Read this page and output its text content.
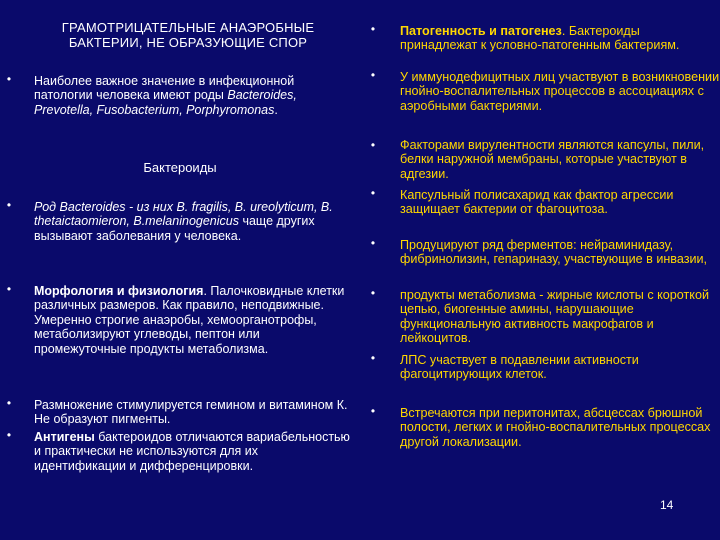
ГРАМОТРИЦАТЕЛЬНЫЕ АНАЭРОБНЫЕ
БАКТЕРИИ, НЕ ОБРАЗУЮЩИЕ СПОР
• Наиболее важное значение в инфекционной патологии человека имеют роды Bacteroides, Prevotella, Fusobacterium, Porphyromonas.
Бактероиды
• Род Bacteroides - из них B. fragilis, B. ureolyticum, B. thetaictaomieron, B.melaninogenicus чаще других вызывают заболевания у человека.
• Морфология и физиология. Палочковидные клетки различных размеров. Как правило, неподвижные. Умеренно строгие анаэробы, хемоорганотрофы, метаболизируют углеводы, пептон или промежуточные продукты метаболизма.
• Размножение стимулируется гемином и витамином К. Не образуют пигменты.
• Антигены бактероидов отличаются вариабельностью и практически не используются для их идентификации и дифференцировки.
• Патогенность и патогенез. Бактероиды принадлежат к условно-патогенным бактериям.
• У иммунодефицитных лиц участвуют в возникновении гнойно-воспалительных процессов в ассоциациях с аэробными бактериями.
• Факторами вирулентности являются капсулы, пили, белки наружной мембраны, которые участвуют в адгезии.
• Капсульный полисахарид как фактор агрессии защищает бактерии от фагоцитоза.
• Продуцируют ряд ферментов: нейраминидазу, фибринолизин, гепариназу, участвующие в инвазии,
• продукты метаболизма - жирные кислоты с короткой цепью, биогенные амины, нарушающие функциональную активность макрофагов и лейкоцитов.
• ЛПС участвует в подавлении активности фагоцитирующих клеток.
• Встречаются при перитонитах, абсцессах брюшной полости, легких и гнойно-воспалительных процессах другой локализации.
14
